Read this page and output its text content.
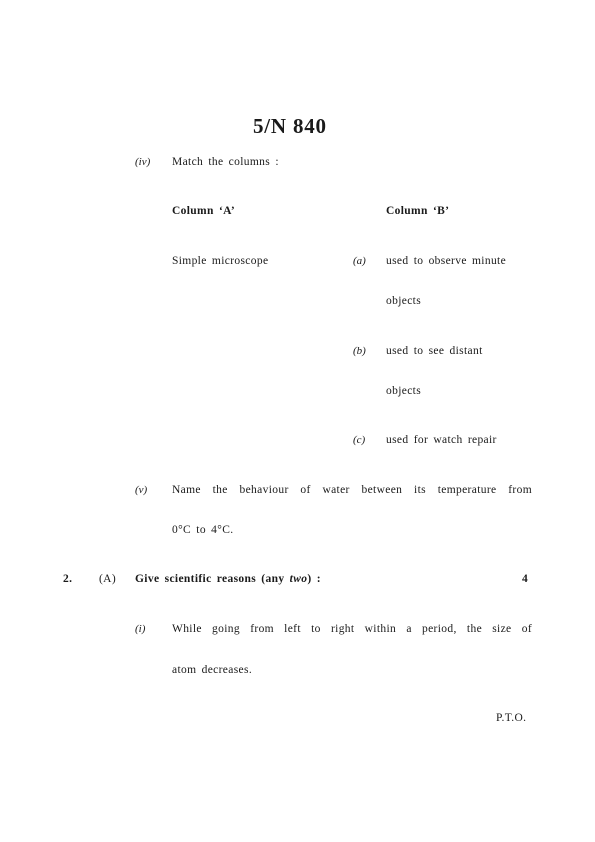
5/N 840
(iv) Match the columns :
Column ‘A’	Column ‘B’
Simple microscope	(a) used to observe minute
objects
(b) used to see distant
objects
(c) used for watch repair
(v) Name the behaviour of water between its temperature from
0°C to 4°C.
2. (A) Give scientific reasons (any two) :	4
(i) While going from left to right within a period, the size of
atom decreases.
P.T.O.
